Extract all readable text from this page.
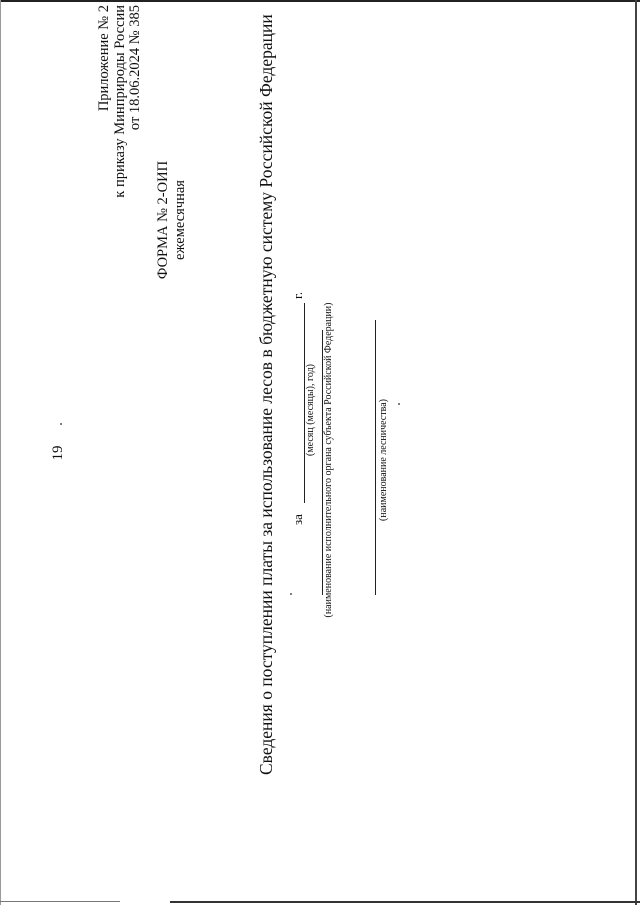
19
Приложение № 2 к приказу Минприроды России от 18.06.2024 № 385
ФОРМА № 2-ОИП ежемесячная	Сведения о поступлении платы за использование лесов в бюджетную систему Российской Федерации за
г.
(месяц (месяцы), год) (наименование исполнительного органа субъекта Российской Федерации)	(наименование лесничества)
